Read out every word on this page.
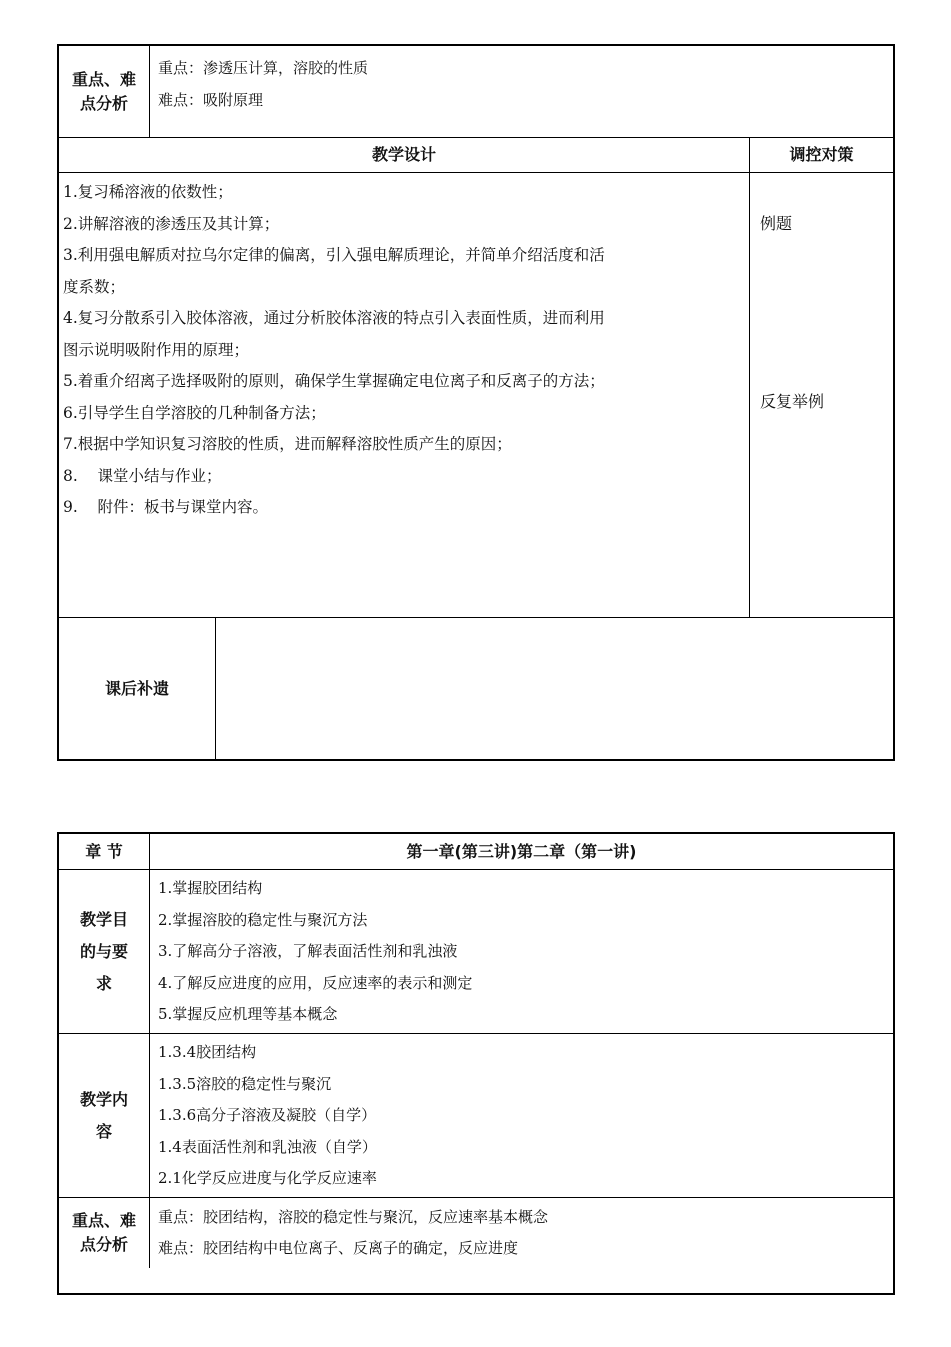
重点、难点分析
重点：渗透压计算，溶胶的性质
难点：吸附原理
教学设计	调控对策
1.复习稀溶液的依数性；
2.讲解溶液的渗透压及其计算；
3.利用强电解质对拉乌尔定律的偏离，引入强电解质理论，并简单介绍活度和活
度系数；
4.复习分散系引入胶体溶液，通过分析胶体溶液的特点引入表面性质，进而利用
图示说明吸附作用的原理；
5.着重介绍离子选择吸附的原则，确保学生掌握确定电位离子和反离子的方法；
6.引导学生自学溶胶的几种制备方法；
7.根据中学知识复习溶胶的性质，进而解释溶胶性质产生的原因；
8.    课堂小结与作业；
9.    附件：板书与课堂内容。
例题
反复举例
课后补遗
章 节	第一章(第三讲)第二章（第一讲)
教学目的与要求
1.掌握胶团结构
2.掌握溶胶的稳定性与聚沉方法
3.了解高分子溶液，了解表面活性剂和乳浊液
4.了解反应进度的应用，反应速率的表示和测定
5.掌握反应机理等基本概念
教学内容
1.3.4胶团结构
1.3.5溶胶的稳定性与聚沉
1.3.6高分子溶液及凝胶（自学）
1.4表面活性剂和乳浊液（自学）
2.1化学反应进度与化学反应速率
重点、难点分析
重点：胶团结构，溶胶的稳定性与聚沉，反应速率基本概念
难点：胶团结构中电位离子、反离子的确定，反应进度
